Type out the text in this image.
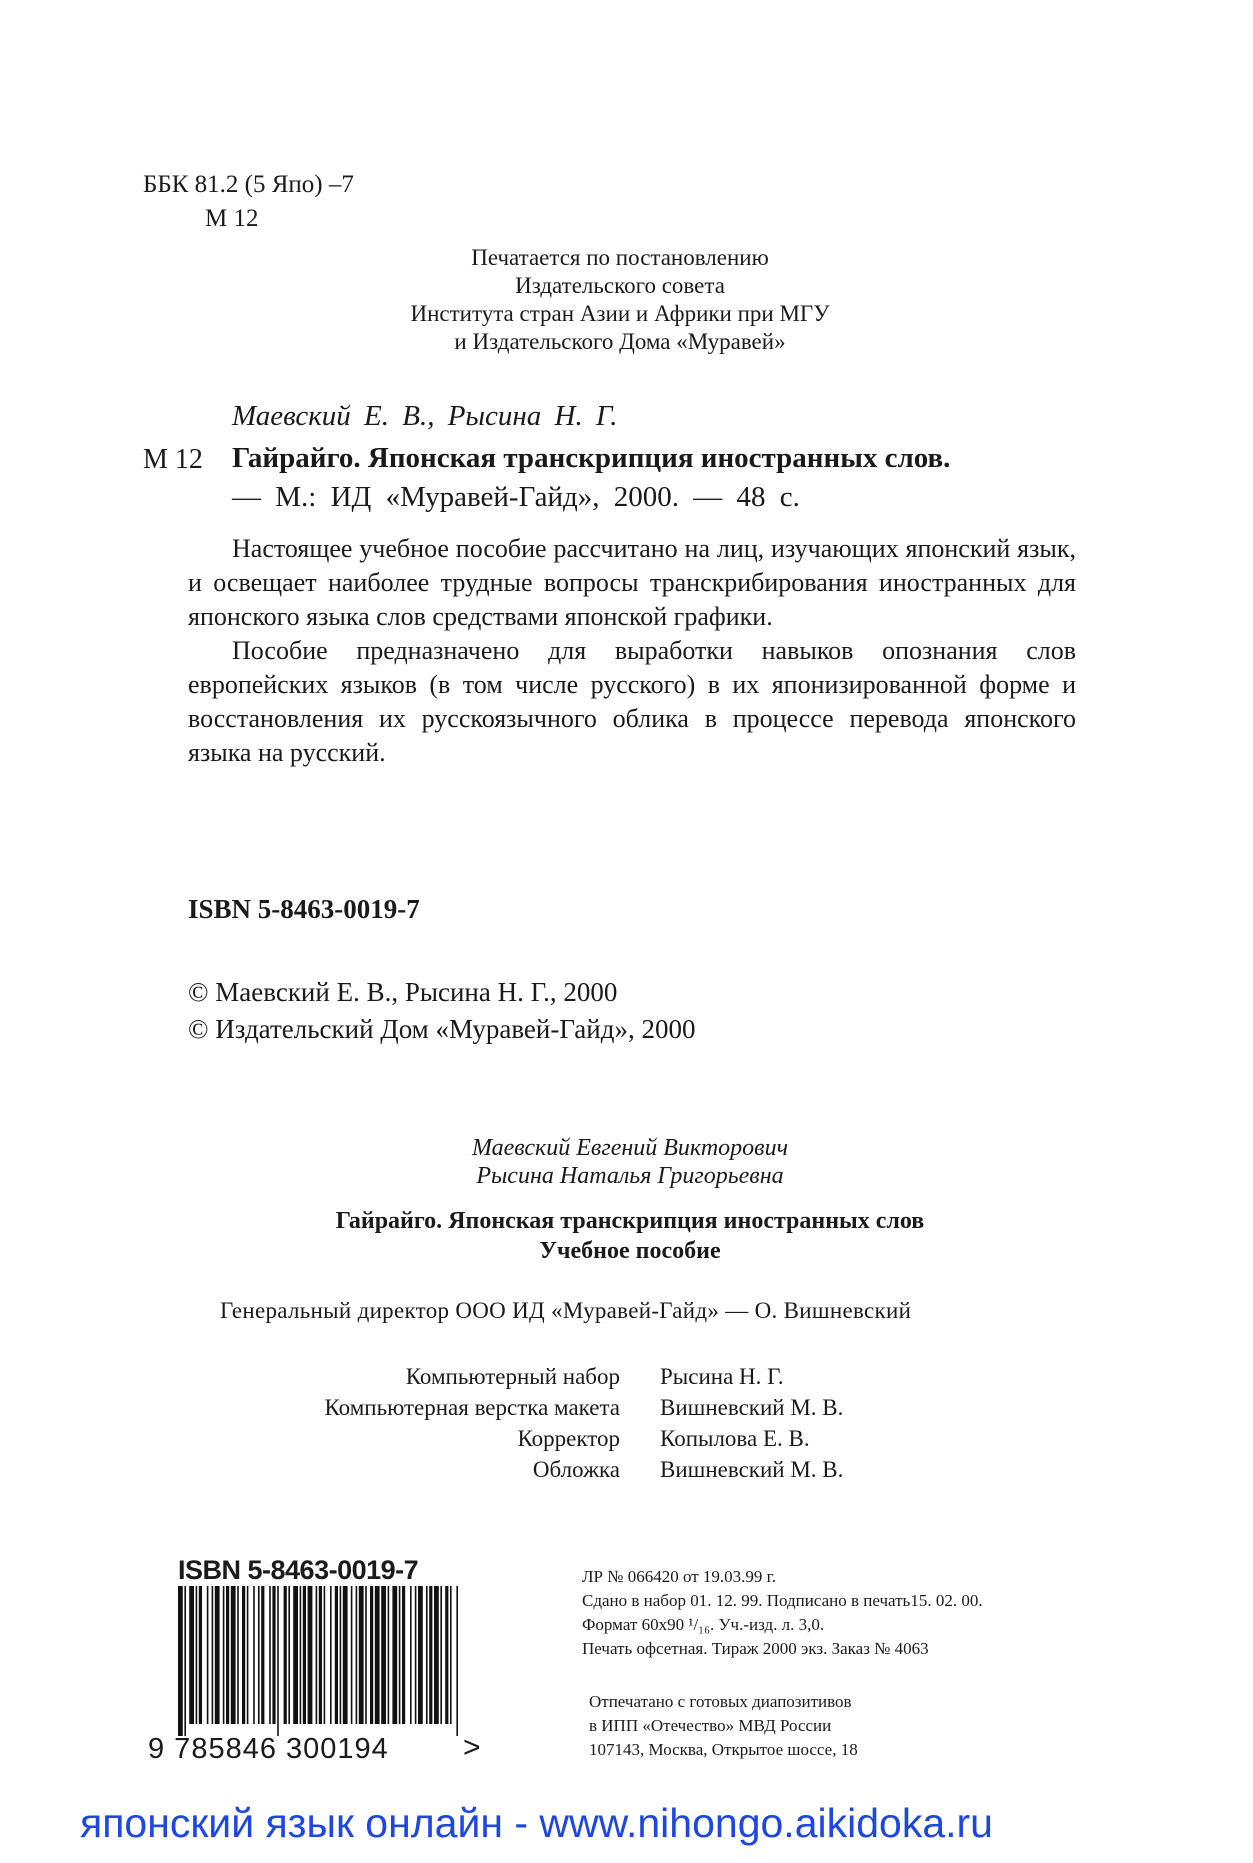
ББК 81.2 (5 Япо) –7
М 12
Печатается по постановлению
Издательского совета
Института стран Азии и Африки при МГУ
и Издательского Дома «Муравей»
Маевский Е. В., Рысина Н. Г.
М 12 Гайрайго. Японская транскрипция иностранных слов.
— М.: ИД «Муравей-Гайд», 2000. — 48 с.

Настоящее учебное пособие рассчитано на лиц, изучающих японский язык, и освещает наиболее трудные вопросы транскрибирования иностранных для японского языка слов средствами японской графики.

Пособие предназначено для выработки навыков опознания слов европейских языков (в том числе русского) в их японизированной форме и восстановления их русскоязычного облика в процессе перевода японского языка на русский.

ISBN 5-8463-0019-7
© Маевский Е. В., Рысина Н. Г., 2000
© Издательский Дом «Муравей-Гайд», 2000
Маевский Евгений Викторович
Рысина Наталья Григорьевна
Гайрайго. Японская транскрипция иностранных слов
Учебное пособие
Генеральный директор ООО ИД «Муравей-Гайд» — О. Вишневский
Компьютерный набор	Рысина Н. Г.
Компьютерная верстка макета	Вишневский М. В.
Корректор	Копылова Е. В.
Обложка	Вишневский М. В.
ISBN 5-8463-0019-7
9 785846 300194 >
ЛР № 066420 от 19.03.99 г.
Сдано в набор 01. 12. 99. Подписано в печать15. 02. 00.
Формат 60x90 ¹/₁₆. Уч.-изд. л. 3,0.
Печать офсетная. Тираж 2000 экз. Заказ № 4063
Отпечатано с готовых диапозитивов
в ИПП «Отечество» МВД России
107143, Москва, Открытое шоссе, 18
японский язык онлайн - www.nihongo.aikidoka.ru
